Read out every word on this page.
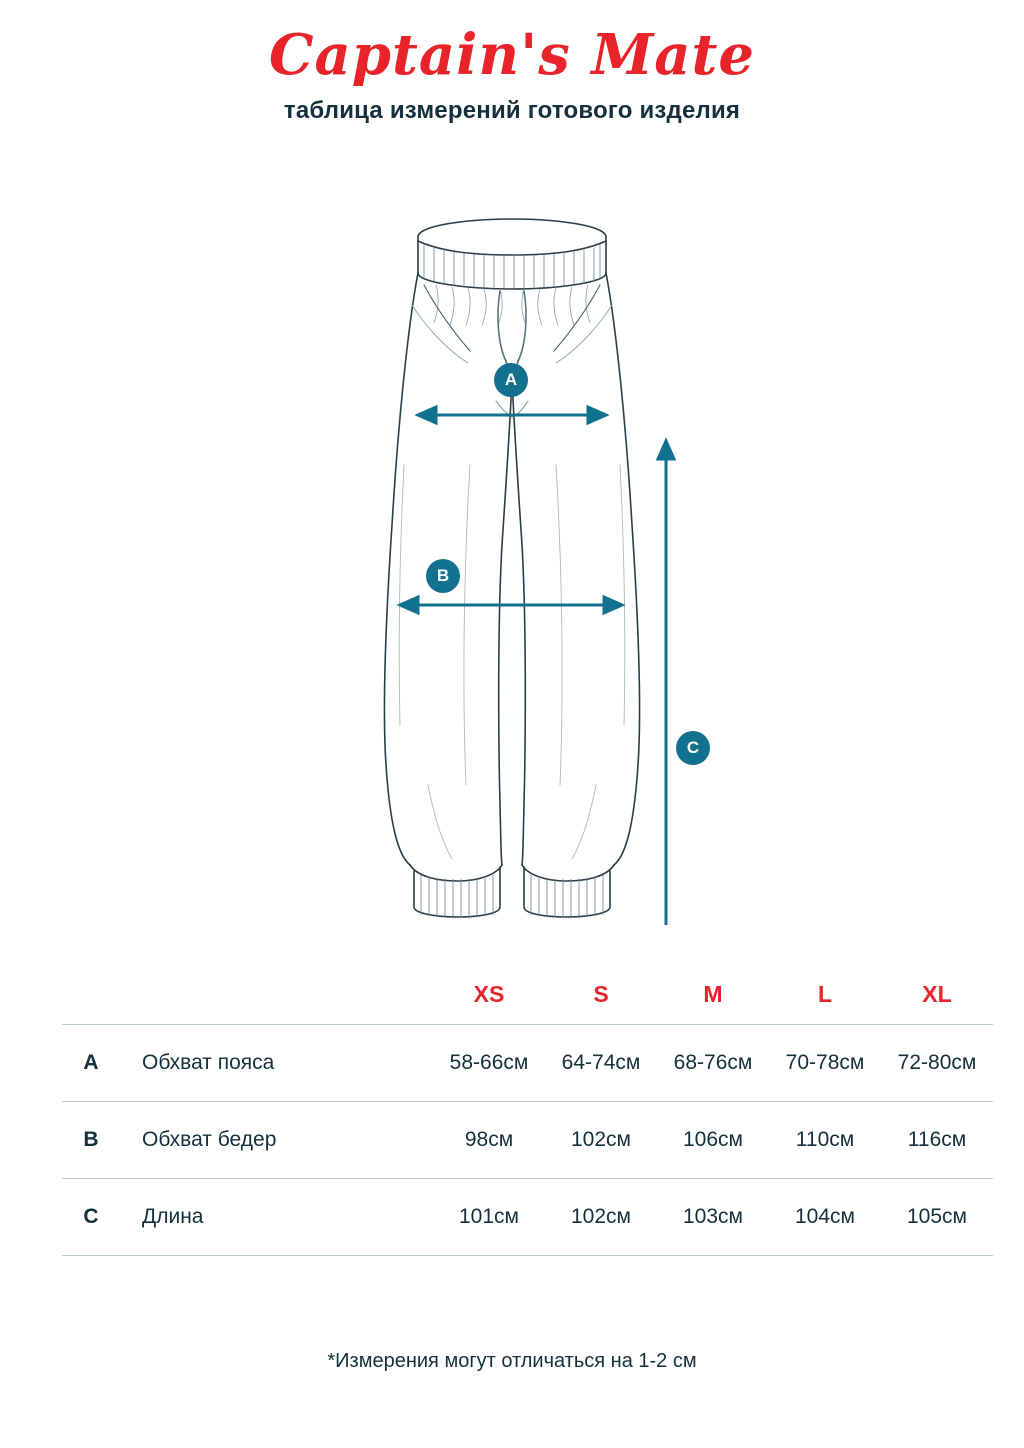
Captain's Mate
таблица измерений готового изделия
A
B
C
		XS	S	M	L	XL
A	Обхват пояса	58-66см	64-74см	68-76см	70-78см	72-80см
B	Обхват бедер	98см	102см	106см	110см	116см
C	Длина	101см	102см	103см	104см	105см
*Измерения могут отличаться на 1-2 см
